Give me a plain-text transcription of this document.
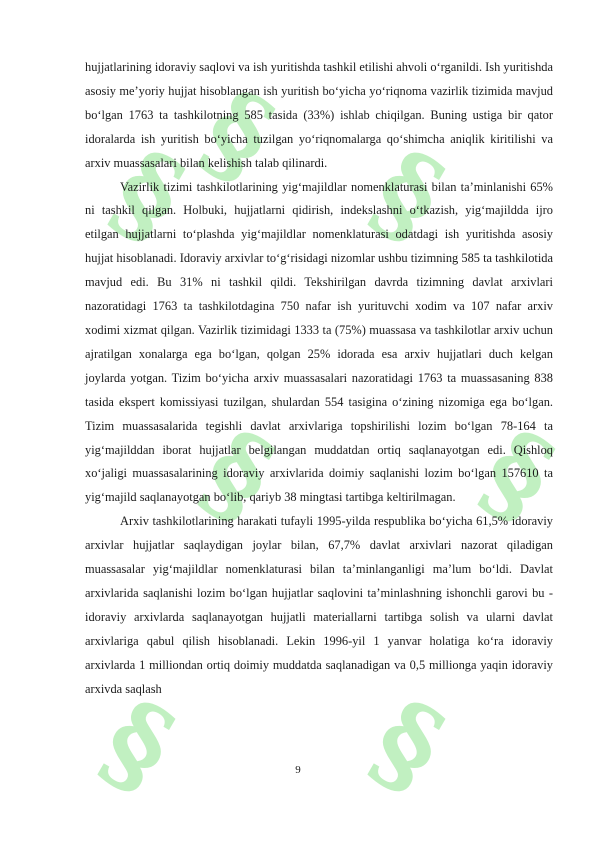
§ §
§
§ §
§ §

hujjatlarining idoraviy saqlovi va ish yuritishda tashkil etilishi ahvoli o‘rganildi. Ish yuritishda asosiy me’yoriy hujjat hisoblangan ish yuritish bo‘yicha yo‘riqnoma vazirlik tizimida mavjud bo‘lgan 1763 ta tashkilotning 585 tasida (33%) ishlab chiqilgan. Buning ustiga bir qator idoralarda ish yuritish bo‘yicha tuzilgan yo‘riqnomalarga qo‘shimcha aniqlik kiritilishi va arxiv muassasalari bilan kelishish talab qilinardi.

Vazirlik tizimi tashkilotlarining yig‘majildlar nomenklaturasi bilan ta’minlanishi 65% ni tashkil qilgan. Holbuki, hujjatlarni qidirish, indekslashni o‘tkazish, yig‘majildda ijro etilgan hujjatlarni to‘plashda yig‘majildlar nomenklaturasi odatdagi ish yuritishda asosiy hujjat hisoblanadi. Idoraviy arxivlar to‘g‘risidagi nizomlar ushbu tizimning 585 ta tashkilotida mavjud edi. Bu 31% ni tashkil qildi. Tekshirilgan davrda tizimning davlat arxivlari nazoratidagi 1763 ta tashkilotdagina 750 nafar ish yurituvchi xodim va 107 nafar arxiv xodimi xizmat qilgan. Vazirlik tizimidagi 1333 ta (75%) muassasa va tashkilotlar arxiv uchun ajratilgan xonalarga ega bo‘lgan, qolgan 25% idorada esa arxiv hujjatlari duch kelgan joylarda yotgan. Tizim bo‘yicha arxiv muassasalari nazoratidagi 1763 ta muassasaning 838 tasida ekspert komissiyasi tuzilgan, shulardan 554 tasigina o‘zining nizomiga ega bo‘lgan. Tizim muassasalarida tegishli davlat arxivlariga topshirilishi lozim bo‘lgan 78-164 ta yig‘majilddan iborat hujjatlar belgilangan muddatdan ortiq saqlanayotgan edi. Qishloq xo‘jaligi muassasalarining idoraviy arxivlarida doimiy saqlanishi lozim bo‘lgan 157610 ta yig‘majild saqlanayotgan bo‘lib, qariyb 38 mingtasi tartibga keltirilmagan.

Arxiv tashkilotlarining harakati tufayli 1995-yilda respublika bo‘yicha 61,5% idoraviy arxivlar hujjatlar saqlaydigan joylar bilan, 67,7% davlat arxivlari nazorat qiladigan muassasalar yig‘majildlar nomenklaturasi bilan ta’minlanganligi ma’lum bo‘ldi. Davlat arxivlarida saqlanishi lozim bo‘lgan hujjatlar saqlovini ta’minlashning ishonchli garovi bu - idoraviy arxivlarda saqlanayotgan hujjatli materiallarni tartibga solish va ularni davlat arxivlariga qabul qilish hisoblanadi. Lekin 1996-yil 1 yanvar holatiga ko‘ra idoraviy arxivlarda 1 milliondan ortiq doimiy muddatda saqlanadigan va 0,5 millionga yaqin idoraviy arxivda saqlash

9
